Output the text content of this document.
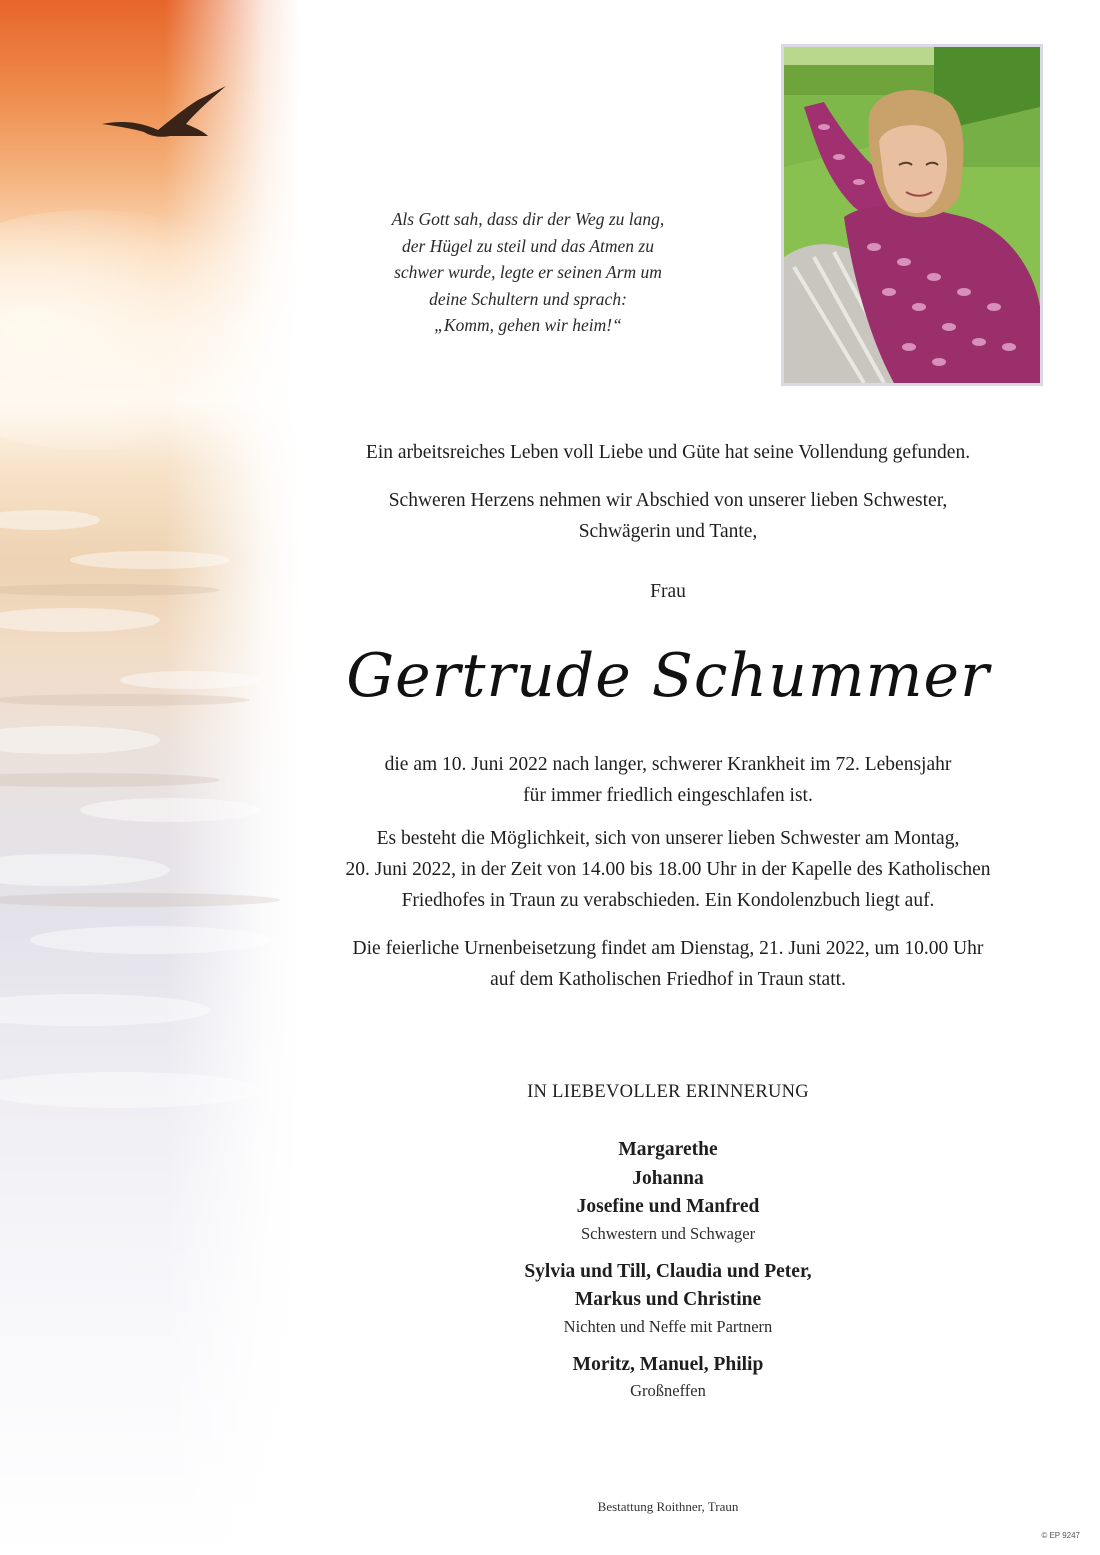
Als Gott sah, dass dir der Weg zu lang,
der Hügel zu steil und das Atmen zu
schwer wurde, legte er seinen Arm um
deine Schultern und sprach:
„Komm, gehen wir heim!“
Ein arbeitsreiches Leben voll Liebe und Güte hat seine Vollendung gefunden.
Schweren Herzens nehmen wir Abschied von unserer lieben Schwester,
Schwägerin und Tante,
Frau
Gertrude Schummer
die am 10. Juni 2022 nach langer, schwerer Krankheit im 72. Lebensjahr
für immer friedlich eingeschlafen ist.
Es besteht die Möglichkeit, sich von unserer lieben Schwester am Montag,
20. Juni 2022, in der Zeit von 14.00 bis 18.00 Uhr in der Kapelle des Katholischen
Friedhofes in Traun zu verabschieden. Ein Kondolenzbuch liegt auf.
Die feierliche Urnenbeisetzung findet am Dienstag, 21. Juni 2022, um 10.00 Uhr
auf dem Katholischen Friedhof in Traun statt.
IN LIEBEVOLLER ERINNERUNG
Margarethe
Johanna
Josefine und Manfred
Schwestern und Schwager
Sylvia und Till, Claudia und Peter,
Markus und Christine
Nichten und Neffe mit Partnern
Moritz, Manuel, Philip
Großneffen
Bestattung Roithner, Traun
© EP 9247
